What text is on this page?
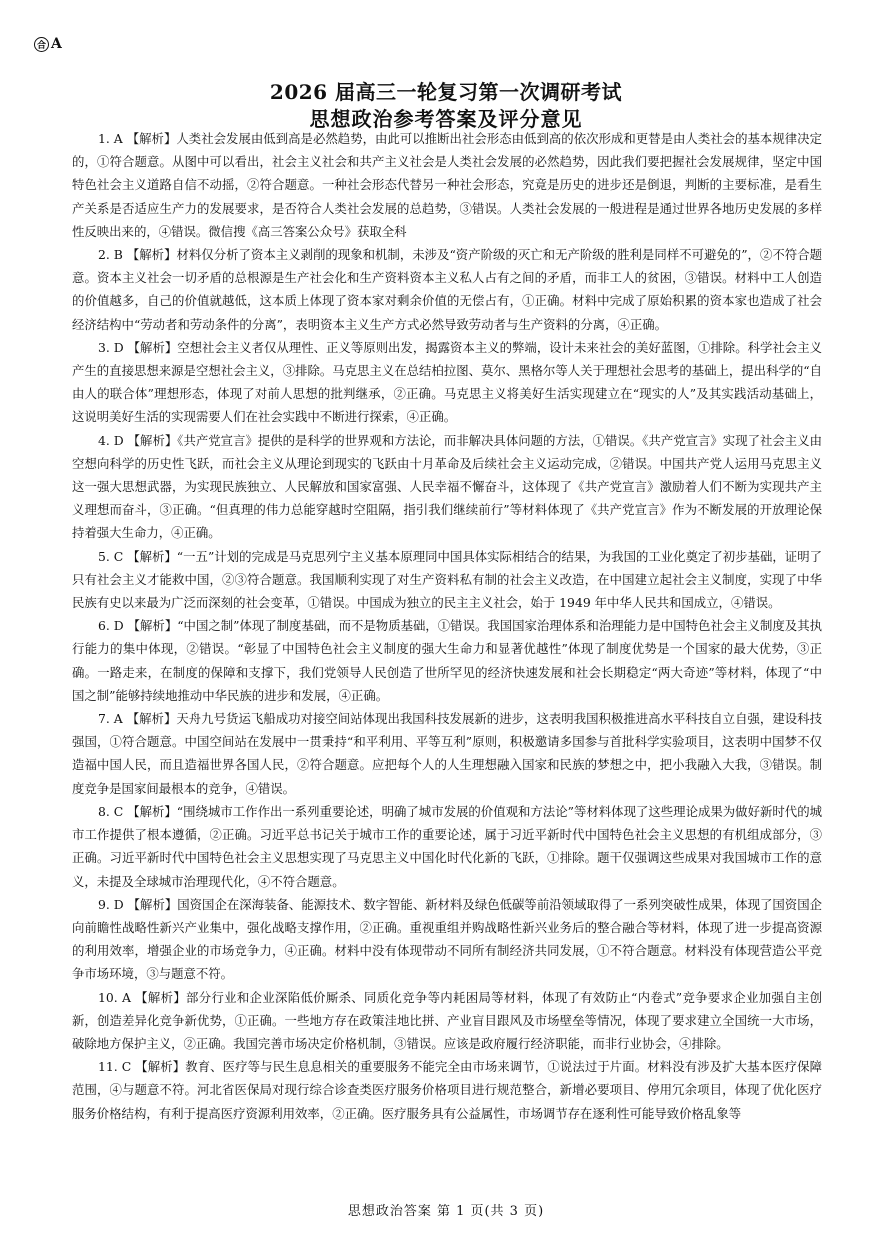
合 A
2026 届高三一轮复习第一次调研考试
思想政治参考答案及评分意见

1. A 【解析】人类社会发展由低到高是必然趋势，由此可以推断出社会形态由低到高的依次形成和更替是由人类社会的基本规律决定的，①符合题意。从图中可以看出，社会主义社会和共产主义社会是人类社会发展的必然趋势，因此我们要把握社会发展规律，坚定中国特色社会主义道路自信不动摇，②符合题意。一种社会形态代替另一种社会形态，究竟是历史的进步还是倒退，判断的主要标准，是看生产关系是否适应生产力的发展要求，是否符合人类社会发展的总趋势，③错误。人类社会发展的一般进程是通过世界各地历史发展的多样性反映出来的，④错误。微信搜《高三答案公众号》获取全科

2. B 【解析】材料仅分析了资本主义剥削的现象和机制，未涉及“资产阶级的灭亡和无产阶级的胜利是同样不可避免的”，②不符合题意。资本主义社会一切矛盾的总根源是生产社会化和生产资料资本主义私人占有之间的矛盾，而非工人的贫困，③错误。材料中工人创造的价值越多，自己的价值就越低，这本质上体现了资本家对剩余价值的无偿占有，①正确。材料中完成了原始积累的资本家也造成了社会经济结构中“劳动者和劳动条件的分离”，表明资本主义生产方式必然导致劳动者与生产资料的分离，④正确。

3. D 【解析】空想社会主义者仅从理性、正义等原则出发，揭露资本主义的弊端，设计未来社会的美好蓝图，①排除。科学社会主义产生的直接思想来源是空想社会主义，③排除。马克思主义在总结柏拉图、莫尔、黑格尔等人关于理想社会思考的基础上，提出科学的“自由人的联合体”理想形态，体现了对前人思想的批判继承，②正确。马克思主义将美好生活实现建立在“现实的人”及其实践活动基础上，这说明美好生活的实现需要人们在社会实践中不断进行探索，④正确。

4. D 【解析】《共产党宣言》提供的是科学的世界观和方法论，而非解决具体问题的方法，①错误。《共产党宣言》实现了社会主义由空想向科学的历史性飞跃，而社会主义从理论到现实的飞跃由十月革命及后续社会主义运动完成，②错误。中国共产党人运用马克思主义这一强大思想武器，为实现民族独立、人民解放和国家富强、人民幸福不懈奋斗，这体现了《共产党宣言》激励着人们不断为实现共产主义理想而奋斗，③正确。“但真理的伟力总能穿越时空阻隔，指引我们继续前行”等材料体现了《共产党宣言》作为不断发展的开放理论保持着强大生命力，④正确。

5. C 【解析】“一五”计划的完成是马克思列宁主义基本原理同中国具体实际相结合的结果，为我国的工业化奠定了初步基础，证明了只有社会主义才能救中国，②③符合题意。我国顺利实现了对生产资料私有制的社会主义改造，在中国建立起社会主义制度，实现了中华民族有史以来最为广泛而深刻的社会变革，①错误。中国成为独立的民主主义社会，始于 1949 年中华人民共和国成立，④错误。

6. D 【解析】“中国之制”体现了制度基础，而不是物质基础，①错误。我国国家治理体系和治理能力是中国特色社会主义制度及其执行能力的集中体现，②错误。“彰显了中国特色社会主义制度的强大生命力和显著优越性”体现了制度优势是一个国家的最大优势，③正确。一路走来，在制度的保障和支撑下，我们党领导人民创造了世所罕见的经济快速发展和社会长期稳定“两大奇迹”等材料，体现了“中国之制”能够持续地推动中华民族的进步和发展，④正确。

7. A 【解析】天舟九号货运飞船成功对接空间站体现出我国科技发展新的进步，这表明我国积极推进高水平科技自立自强，建设科技强国，①符合题意。中国空间站在发展中一贯秉持“和平利用、平等互利”原则，积极邀请多国参与首批科学实验项目，这表明中国梦不仅造福中国人民，而且造福世界各国人民，②符合题意。应把每个人的人生理想融入国家和民族的梦想之中，把小我融入大我，③错误。制度竞争是国家间最根本的竞争，④错误。

8. C 【解析】“围绕城市工作作出一系列重要论述，明确了城市发展的价值观和方法论”等材料体现了这些理论成果为做好新时代的城市工作提供了根本遵循，②正确。习近平总书记关于城市工作的重要论述，属于习近平新时代中国特色社会主义思想的有机组成部分，③正确。习近平新时代中国特色社会主义思想实现了马克思主义中国化时代化新的飞跃，①排除。题干仅强调这些成果对我国城市工作的意义，未提及全球城市治理现代化，④不符合题意。

9. D 【解析】国资国企在深海装备、能源技术、数字智能、新材料及绿色低碳等前沿领域取得了一系列突破性成果，体现了国资国企向前瞻性战略性新兴产业集中，强化战略支撑作用，②正确。重视重组并购战略性新兴业务后的整合融合等材料，体现了进一步提高资源的利用效率，增强企业的市场竞争力，④正确。材料中没有体现带动不同所有制经济共同发展，①不符合题意。材料没有体现营造公平竞争市场环境，③与题意不符。

10. A 【解析】部分行业和企业深陷低价厮杀、同质化竞争等内耗困局等材料，体现了有效防止“内卷式”竞争要求企业加强自主创新，创造差异化竞争新优势，①正确。一些地方存在政策洼地比拼、产业盲目跟风及市场壁垒等情况，体现了要求建立全国统一大市场，破除地方保护主义，②正确。我国完善市场决定价格机制，③错误。应该是政府履行经济职能，而非行业协会，④排除。

11. C 【解析】教育、医疗等与民生息息相关的重要服务不能完全由市场来调节，①说法过于片面。材料没有涉及扩大基本医疗保障范围，④与题意不符。河北省医保局对现行综合诊查类医疗服务价格项目进行规范整合，新增必要项目、停用冗余项目，体现了优化医疗服务价格结构，有利于提高医疗资源利用效率，②正确。医疗服务具有公益属性，市场调节存在逐利性可能导致价格乱象等

思想政治答案 第 1 页(共 3 页)
